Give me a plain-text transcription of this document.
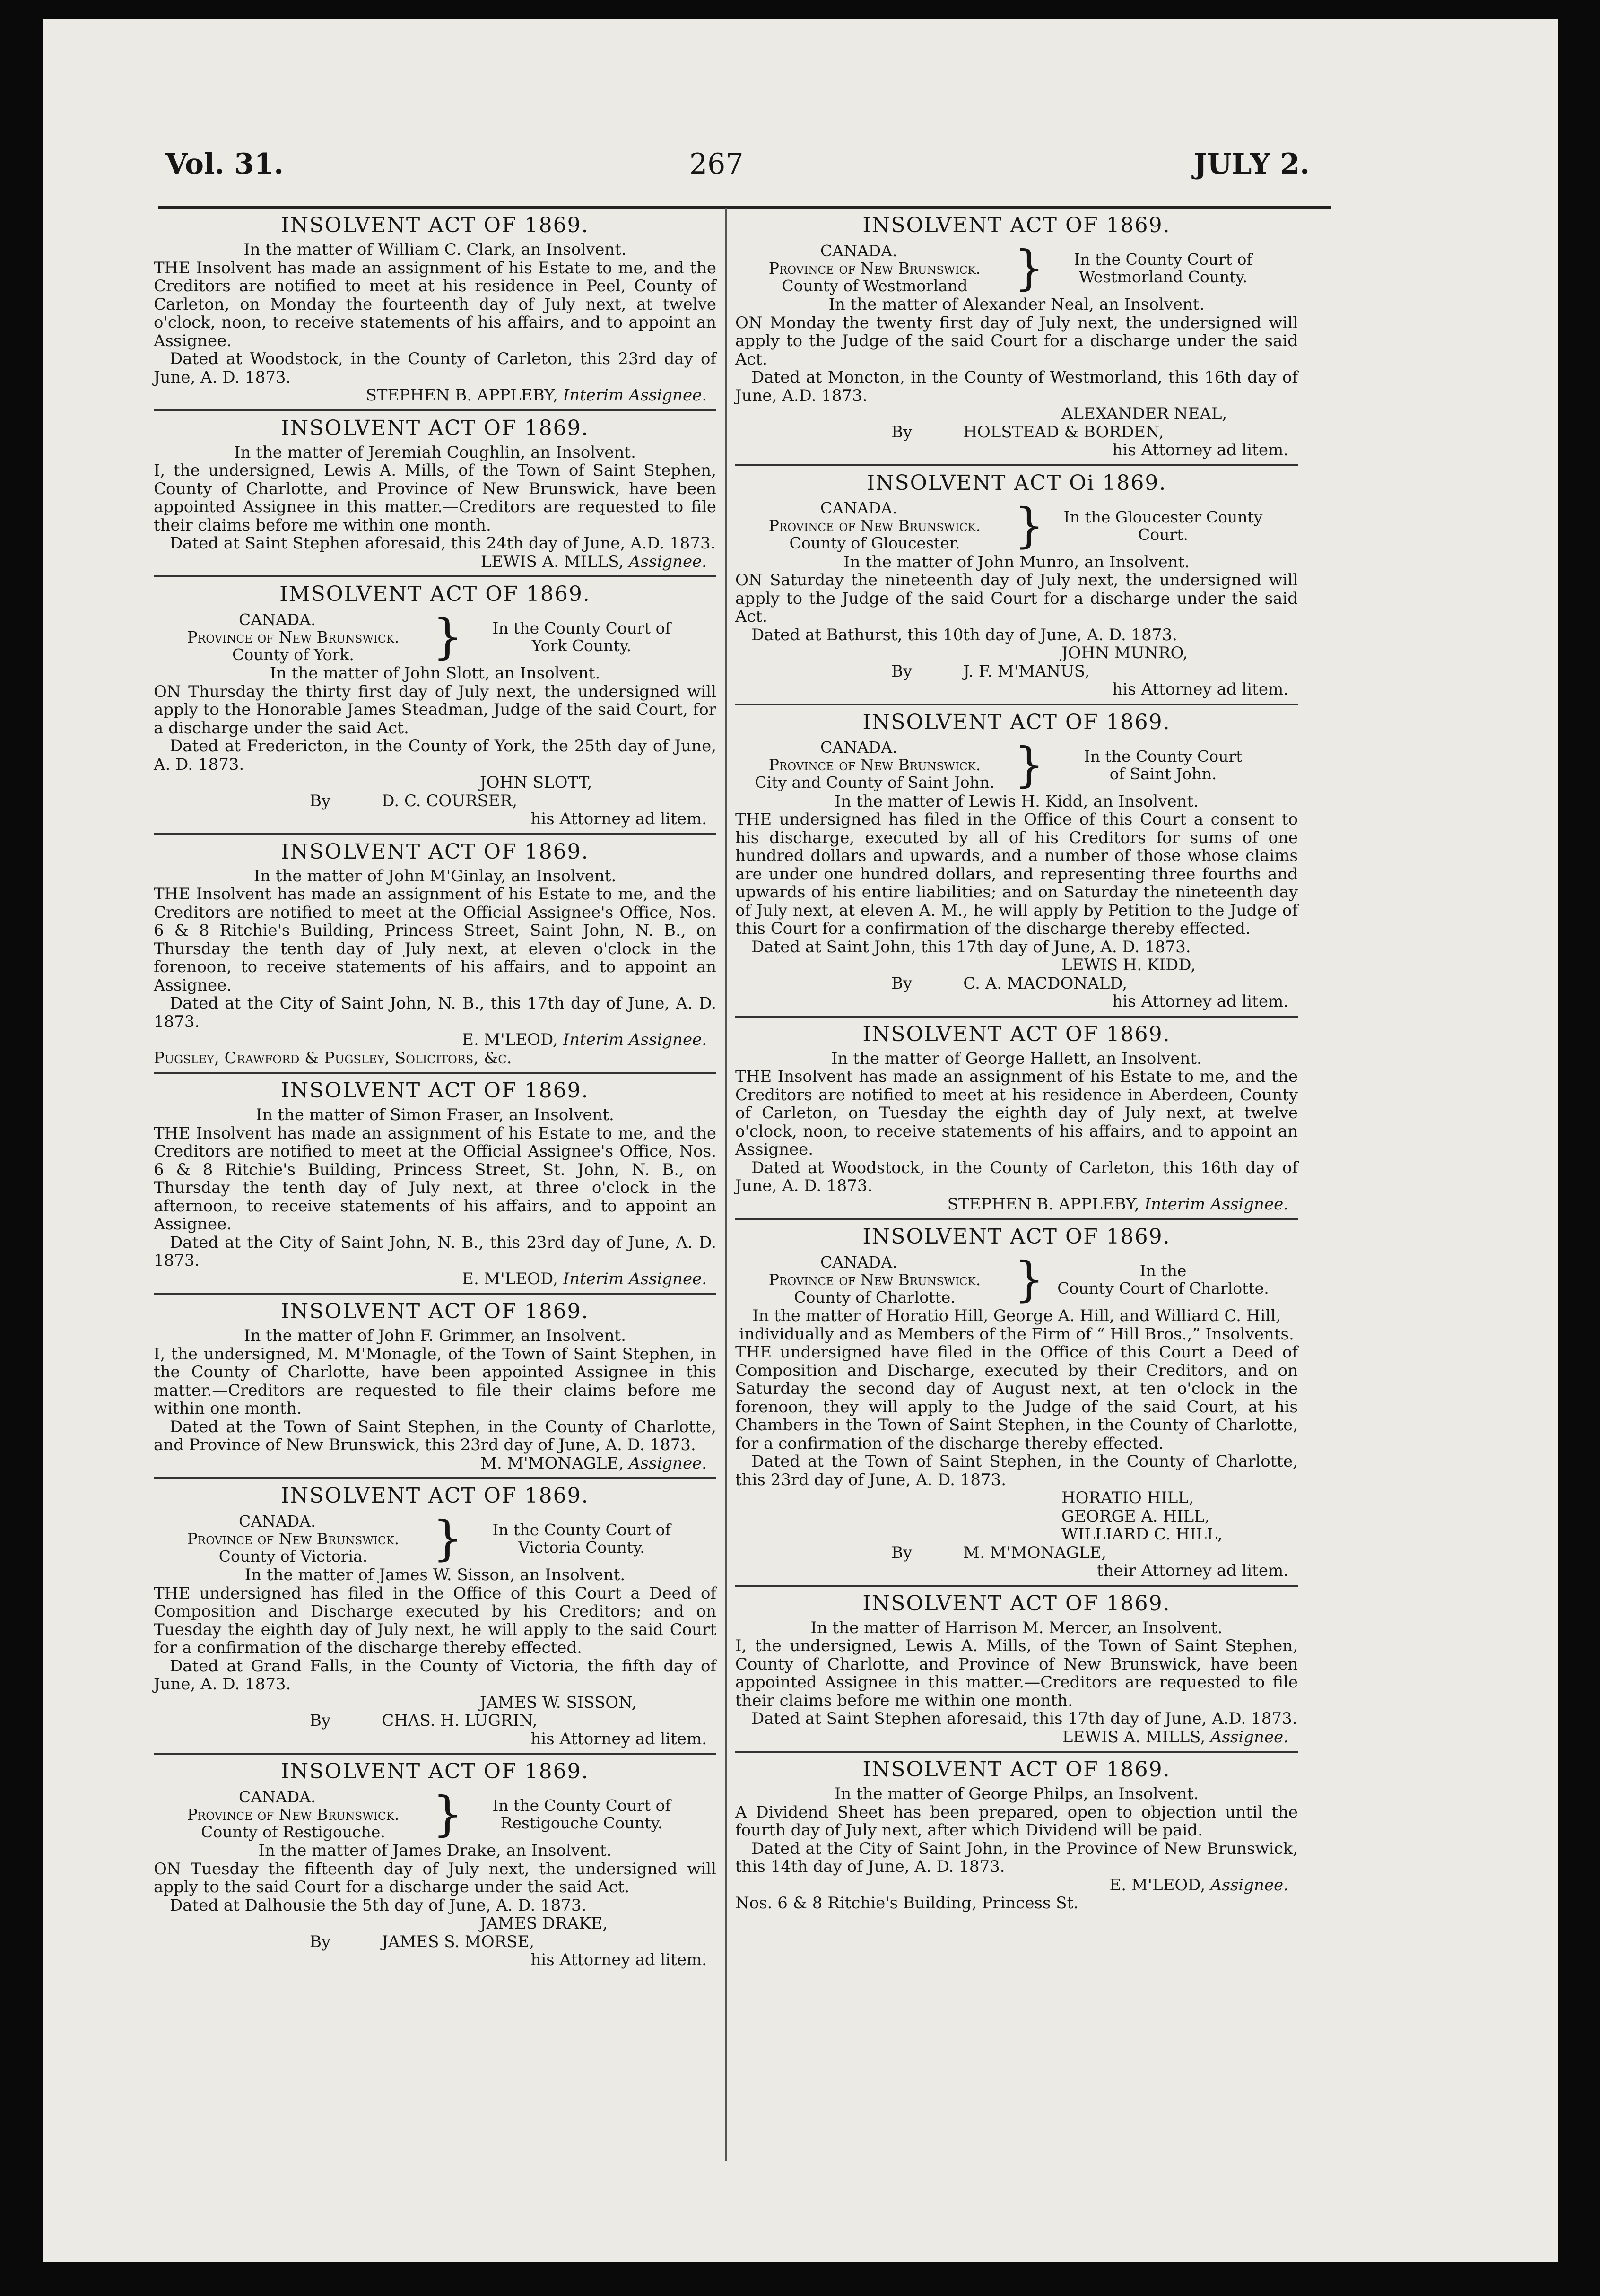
Vol. 31.	267	JULY 2.
INSOLVENT ACT OF 1869.

In the matter of William C. Clark, an Insolvent.

THE Insolvent has made an assignment of his Estate to me, and the Creditors are notified to meet at his residence in Peel, County of Carleton, on Monday the fourteenth day of July next, at twelve o'clock, noon, to receive statements of his affairs, and to appoint an Assignee.

Dated at Woodstock, in the County of Carleton, this 23rd day of June, A. D. 1873.

STEPHEN B. APPLEBY, Interim Assignee.

INSOLVENT ACT OF 1869.

In the matter of Jeremiah Coughlin, an Insolvent.

I, the undersigned, Lewis A. Mills, of the Town of Saint Stephen, County of Charlotte, and Province of New Brunswick, have been appointed Assignee in this matter.—Creditors are requested to file their claims before me within one month.

Dated at Saint Stephen aforesaid, this 24th day of June, A.D. 1873.

LEWIS A. MILLS, Assignee.

IMSOLVENT ACT OF 1869.
CANADA.
Province of New Brunswick.
County of York.	}	In the County Court of
York County.

In the matter of John Slott, an Insolvent.

ON Thursday the thirty first day of July next, the undersigned will apply to the Honorable James Steadman, Judge of the said Court, for a discharge under the said Act.

Dated at Fredericton, in the County of York, the 25th day of June, A. D. 1873.

JOHN SLOTT,

By	D. C. COURSER,

his Attorney ad litem.

INSOLVENT ACT OF 1869.

In the matter of John M'Ginlay, an Insolvent.

THE Insolvent has made an assignment of his Estate to me, and the Creditors are notified to meet at the Official Assignee's Office, Nos. 6 & 8 Ritchie's Building, Princess Street, Saint John, N. B., on Thursday the tenth day of July next, at eleven o'clock in the forenoon, to receive statements of his affairs, and to appoint an Assignee.

Dated at the City of Saint John, N. B., this 17th day of June, A. D. 1873.

E. M'LEOD, Interim Assignee.

Pugsley, Crawford & Pugsley, Solicitors, &c.

INSOLVENT ACT OF 1869.

In the matter of Simon Fraser, an Insolvent.

THE Insolvent has made an assignment of his Estate to me, and the Creditors are notified to meet at the Official Assignee's Office, Nos. 6 & 8 Ritchie's Building, Princess Street, St. John, N. B., on Thursday the tenth day of July next, at three o'clock in the afternoon, to receive statements of his affairs, and to appoint an Assignee.

Dated at the City of Saint John, N. B., this 23rd day of June, A. D. 1873.

E. M'LEOD, Interim Assignee.

INSOLVENT ACT OF 1869.

In the matter of John F. Grimmer, an Insolvent.

I, the undersigned, M. M'Monagle, of the Town of Saint Stephen, in the County of Charlotte, have been appointed Assignee in this matter.—Creditors are requested to file their claims before me within one month.

Dated at the Town of Saint Stephen, in the County of Charlotte, and Province of New Brunswick, this 23rd day of June, A. D. 1873.

M. M'MONAGLE, Assignee.

INSOLVENT ACT OF 1869.
CANADA.
Province of New Brunswick.
County of Victoria.	}	In the County Court of
Victoria County.

In the matter of James W. Sisson, an Insolvent.

THE undersigned has filed in the Office of this Court a Deed of Composition and Discharge executed by his Creditors; and on Tuesday the eighth day of July next, he will apply to the said Court for a confirmation of the discharge thereby effected.

Dated at Grand Falls, in the County of Victoria, the fifth day of June, A. D. 1873.

JAMES W. SISSON,

By	CHAS. H. LUGRIN,

his Attorney ad litem.

INSOLVENT ACT OF 1869.
CANADA.
Province of New Brunswick.
County of Restigouche.	}	In the County Court of
Restigouche County.

In the matter of James Drake, an Insolvent.

ON Tuesday the fifteenth day of July next, the undersigned will apply to the said Court for a discharge under the said Act.

Dated at Dalhousie the 5th day of June, A. D. 1873.

JAMES DRAKE,

By	JAMES S. MORSE,

his Attorney ad litem.

INSOLVENT ACT OF 1869.
CANADA.
Province of New Brunswick.
County of Westmorland }	In the County Court of
Westmorland County.

In the matter of Alexander Neal, an Insolvent.

ON Monday the twenty first day of July next, the undersigned will apply to the Judge of the said Court for a discharge under the said Act.

Dated at Moncton, in the County of Westmorland, this 16th day of June, A.D. 1873.

ALEXANDER NEAL,

By	HOLSTEAD & BORDEN,

his Attorney ad litem.

INSOLVENT ACT Oi 1869.
CANADA.
Province of New Brunswick.
County of Gloucester.	}	In the Gloucester County
Court.

In the matter of John Munro, an Insolvent.

ON Saturday the nineteenth day of July next, the undersigned will apply to the Judge of the said Court for a discharge under the said Act.

Dated at Bathurst, this 10th day of June, A. D. 1873.

JOHN MUNRO,

By	J. F. M'MANUS,

his Attorney ad litem.

INSOLVENT ACT OF 1869.
CANADA.
Province of New Brunswick.
City and County of Saint John. }	In the County Court
of Saint John.

In the matter of Lewis H. Kidd, an Insolvent.

THE undersigned has filed in the Office of this Court a consent to his discharge, executed by all of his Creditors for sums of one hundred dollars and upwards, and a number of those whose claims are under one hundred dollars, and representing three fourths and upwards of his entire liabilities; and on Saturday the nineteenth day of July next, at eleven A. M., he will apply by Petition to the Judge of this Court for a confirmation of the discharge thereby effected.

Dated at Saint John, this 17th day of June, A. D. 1873.

LEWIS H. KIDD,

By	C. A. MACDONALD,

his Attorney ad litem.

INSOLVENT ACT OF 1869.

In the matter of George Hallett, an Insolvent.

THE Insolvent has made an assignment of his Estate to me, and the Creditors are notified to meet at his residence in Aberdeen, County of Carleton, on Tuesday the eighth day of July next, at twelve o'clock, noon, to receive statements of his affairs, and to appoint an Assignee.

Dated at Woodstock, in the County of Carleton, this 16th day of June, A. D. 1873.

STEPHEN B. APPLEBY, Interim Assignee.

INSOLVENT ACT OF 1869.
CANADA.
Province of New Brunswick.
County of Charlotte.	}	In the
County Court of Charlotte.

In the matter of Horatio Hill, George A. Hill, and Williard C. Hill, individually and as Members of the Firm of “ Hill Bros.,” Insolvents.

THE undersigned have filed in the Office of this Court a Deed of Composition and Discharge, executed by their Creditors, and on Saturday the second day of August next, at ten o'clock in the forenoon, they will apply to the Judge of the said Court, at his Chambers in the Town of Saint Stephen, in the County of Charlotte, for a confirmation of the discharge thereby effected.

Dated at the Town of Saint Stephen, in the County of Charlotte, this 23rd day of June, A. D. 1873.

HORATIO HILL,

GEORGE A. HILL,

WILLIARD C. HILL,

By	M. M'MONAGLE,

their Attorney ad litem.

INSOLVENT ACT OF 1869.

In the matter of Harrison M. Mercer, an Insolvent.

I, the undersigned, Lewis A. Mills, of the Town of Saint Stephen, County of Charlotte, and Province of New Brunswick, have been appointed Assignee in this matter.—Creditors are requested to file their claims before me within one month.

Dated at Saint Stephen aforesaid, this 17th day of June, A.D. 1873.

LEWIS A. MILLS, Assignee.

INSOLVENT ACT OF 1869.

In the matter of George Philps, an Insolvent.

A Dividend Sheet has been prepared, open to objection until the fourth day of July next, after which Dividend will be paid.

Dated at the City of Saint John, in the Province of New Brunswick, this 14th day of June, A. D. 1873.

E. M'LEOD, Assignee.

Nos. 6 & 8 Ritchie's Building, Princess St.
